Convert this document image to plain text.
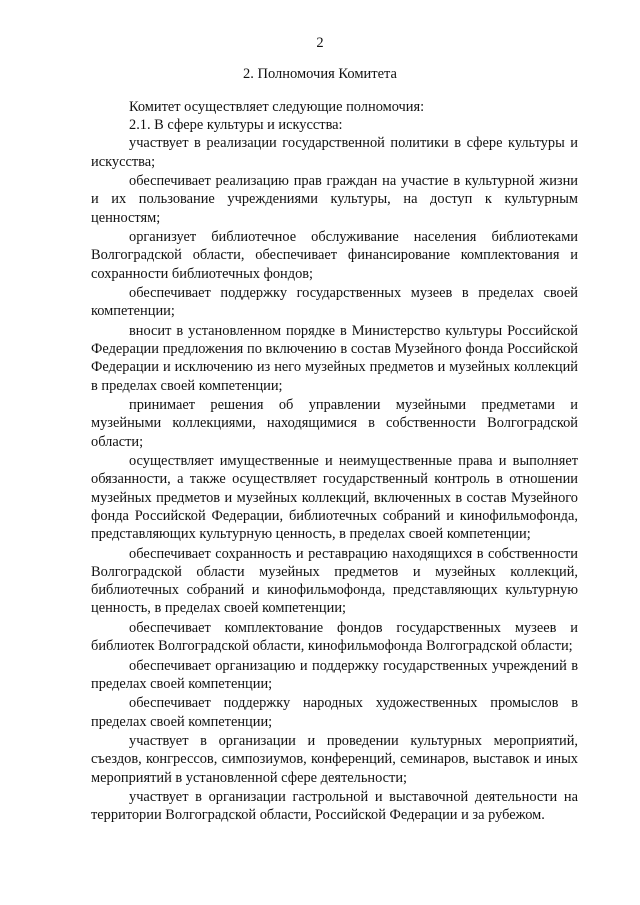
2
2. Полномочия Комитета

Комитет осуществляет следующие полномочия:

2.1. В сфере культуры и искусства:

участвует в реализации государственной политики в сфере культуры и искусства;

обеспечивает реализацию прав граждан на участие в культурной жизни и их пользование учреждениями культуры, на доступ к культурным ценностям;

организует библиотечное обслуживание населения библиотеками Волгоградской области, обеспечивает финансирование комплектования и сохранности библиотечных фондов;

обеспечивает поддержку государственных музеев в пределах своей компетенции;

вносит в установленном порядке в Министерство культуры Российской Федерации предложения по включению в состав Музейного фонда Российской Федерации и исключению из него музейных предметов и музейных коллекций в пределах своей компетенции;

принимает решения об управлении музейными предметами и музейными коллекциями, находящимися в собственности Волгоградской области;

осуществляет имущественные и неимущественные права и выполняет обязанности, а также осуществляет государственный контроль в отношении музейных предметов и музейных коллекций, включенных в состав Музейного фонда Российской Федерации, библиотечных собраний и кинофильмофонда, представляющих культурную ценность, в пределах своей компетенции;

обеспечивает сохранность и реставрацию находящихся в собственности Волгоградской области музейных предметов и музейных коллекций, библиотечных собраний и кинофильмофонда, представляющих культурную ценность, в пределах своей компетенции;

обеспечивает комплектование фондов государственных музеев и библиотек Волгоградской области, кинофильмофонда Волгоградской области;

обеспечивает организацию и поддержку государственных учреждений в пределах своей компетенции;

обеспечивает поддержку народных художественных промыслов в пределах своей компетенции;

участвует в организации и проведении культурных мероприятий, съездов, конгрессов, симпозиумов, конференций, семинаров, выставок и иных мероприятий в установленной сфере деятельности;

участвует в организации гастрольной и выставочной деятельности на территории Волгоградской области, Российской Федерации и за рубежом.
